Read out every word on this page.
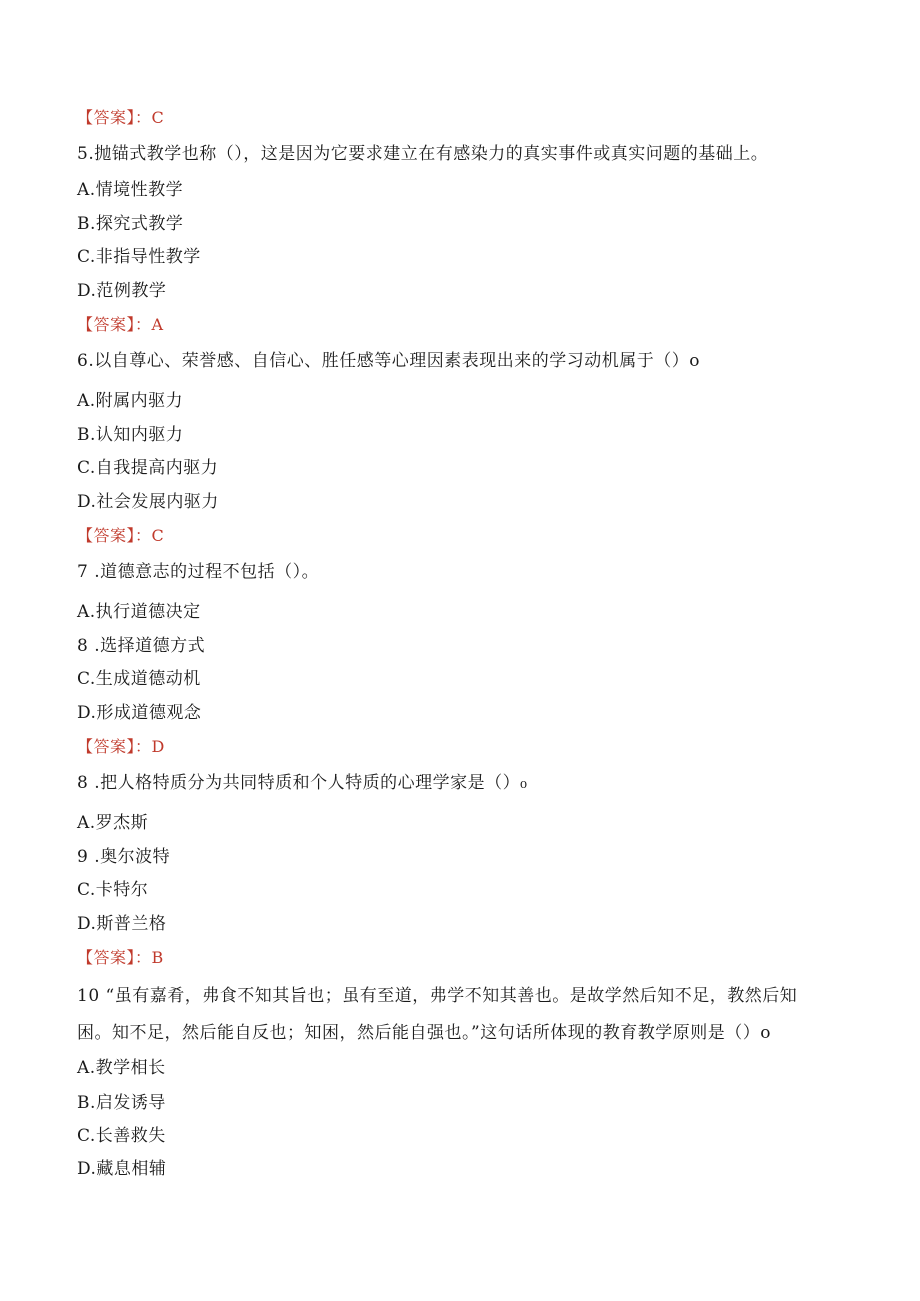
【答案】：C
5.抛锚式教学也称（），这是因为它要求建立在有感染力的真实事件或真实问题的基础上。
A.情境性教学
B.探究式教学
C.非指导性教学
D.范例教学
【答案】：A
6.以自尊心、荣誉感、自信心、胜任感等心理因素表现出来的学习动机属于（）o
A.附属内驱力
B.认知内驱力
C.自我提高内驱力
D.社会发展内驱力
【答案】：C
7 .道德意志的过程不包括（）。
A.执行道德决定
8 .选择道德方式
C.生成道德动机
D.形成道德观念
【答案】：D
8 .把人格特质分为共同特质和个人特质的心理学家是（）₀
A.罗杰斯
9 .奥尔波特
C.卡特尔
D.斯普兰格
【答案】：B
10 “虽有嘉肴，弗食不知其旨也；虽有至道，弗学不知其善也。是故学然后知不足，教然后知
困。知不足，然后能自反也；知困，然后能自强也。”这句话所体现的教育教学原则是（）o
A.教学相长
B.启发诱导
C.长善救失
D.藏息相辅
